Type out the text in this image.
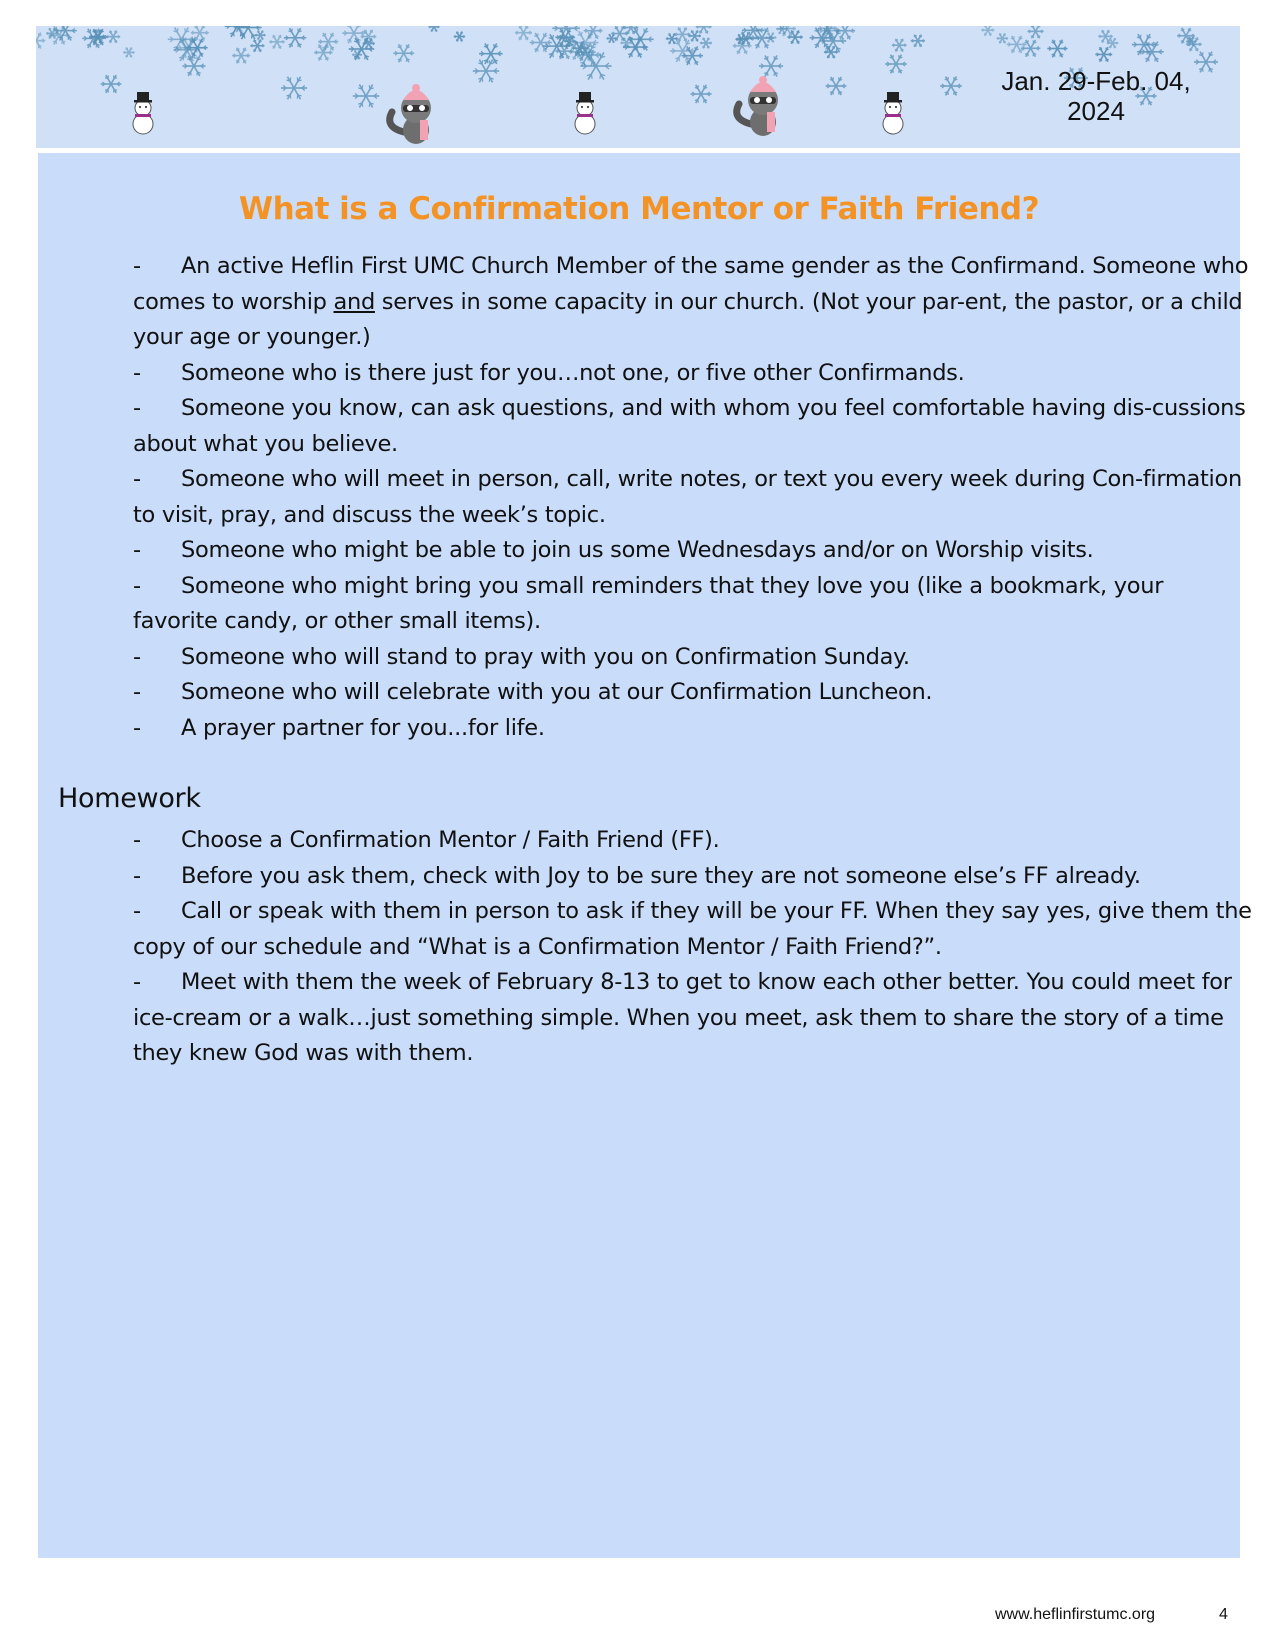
Jan. 29-Feb. 04,
2024
What is a Confirmation Mentor or Faith Friend?
- An active Heflin First UMC Church Member of the same gender as the Confirmand. Someone who comes to worship and serves in some capacity in our church. (Not your par-ent, the pastor, or a child your age or younger.)
- Someone who is there just for you…not one, or five other Confirmands.
- Someone you know, can ask questions, and with whom you feel comfortable having dis-cussions about what you believe.
- Someone who will meet in person, call, write notes, or text you every week during Con-firmation to visit, pray, and discuss the week’s topic.
- Someone who might be able to join us some Wednesdays and/or on Worship visits.
- Someone who might bring you small reminders that they love you (like a bookmark, your favorite candy, or other small items).
- Someone who will stand to pray with you on Confirmation Sunday.
- Someone who will celebrate with you at our Confirmation Luncheon.
- A prayer partner for you...for life.
Homework
- Choose a Confirmation Mentor / Faith Friend (FF).
- Before you ask them, check with Joy to be sure they are not someone else’s FF already.
- Call or speak with them in person to ask if they will be your FF. When they say yes, give them the copy of our schedule and “What is a Confirmation Mentor / Faith Friend?”.
- Meet with them the week of February 8-13 to get to know each other better. You could meet for ice-cream or a walk…just something simple. When you meet, ask them to share the story of a time they knew God was with them.
www.heflinfirstumc.org	4
